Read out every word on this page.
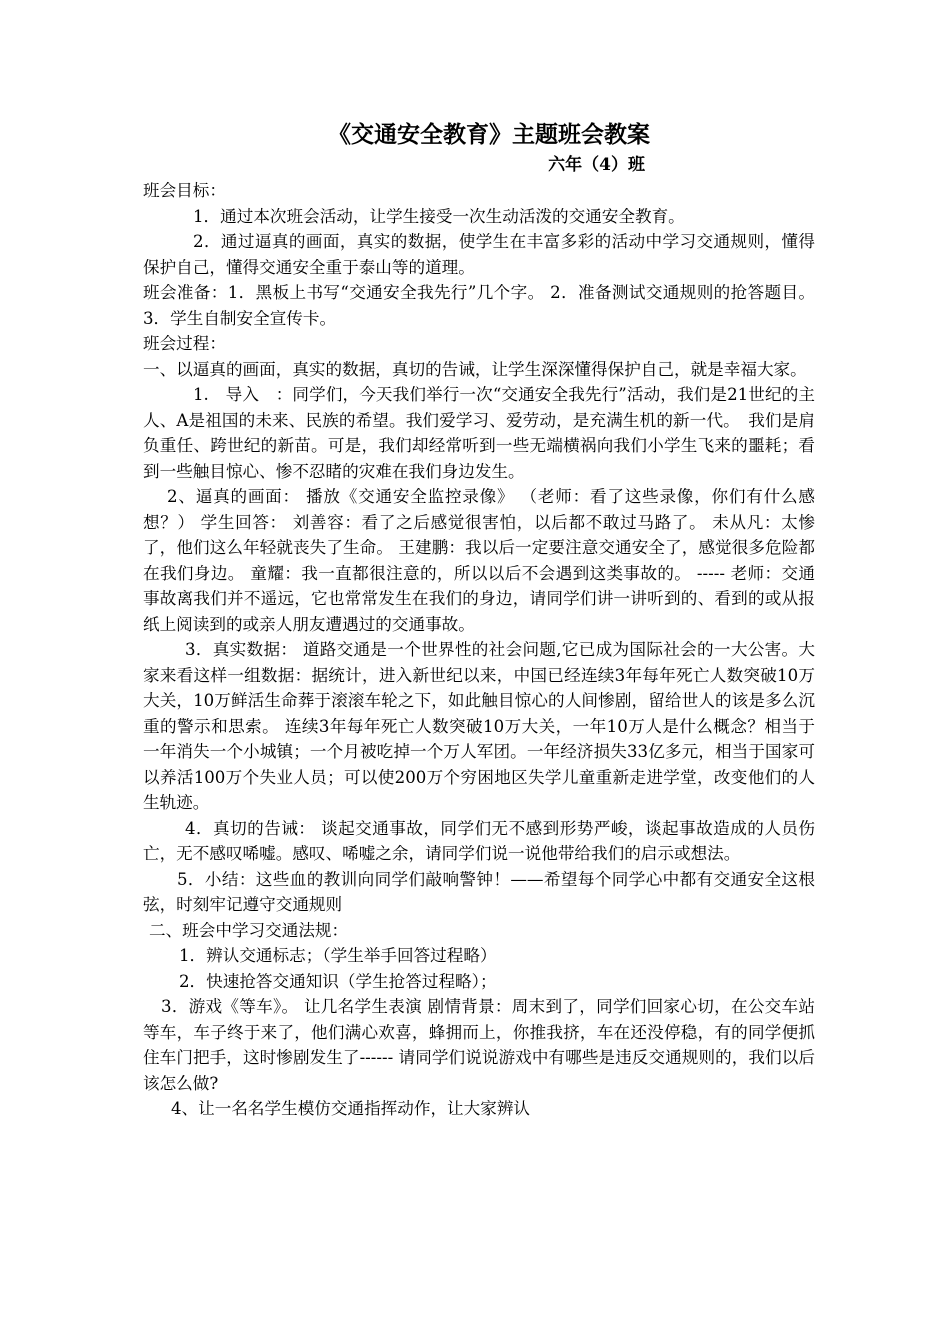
《交通安全教育》主题班会教案

六年（4）班

班会目标：

1．通过本次班会活动，让学生接受一次生动活泼的交通安全教育。

2．通过逼真的画面，真实的数据，使学生在丰富多彩的活动中学习交通规则，懂得保护自己，懂得交通安全重于泰山等的道理。

班会准备：1．黑板上书写“交通安全我先行”几个字。 2．准备测试交通规则的抢答题目。3．学生自制安全宣传卡。

班会过程：

一、以逼真的画面，真实的数据，真切的告诫，让学生深深懂得保护自己，就是幸福大家。

1.　导入　：同学们，今天我们举行一次“交通安全我先行”活动，我们是21世纪的主人、A是祖国的未来、民族的希望。我们爱学习、爱劳动，是充满生机的新一代。　我们是肩负重任、跨世纪的新苗。可是，我们却经常听到一些无端横祸向我们小学生飞来的噩耗；看到一些触目惊心、惨不忍睹的灾难在我们身边发生。

2、逼真的画面： 播放《交通安全监控录像》 （老师：看了这些录像，你们有什么感想？） 学生回答： 刘善容：看了之后感觉很害怕，以后都不敢过马路了。 未从凡：太惨了，他们这么年轻就丧失了生命。 王建鹏：我以后一定要注意交通安全了，感觉很多危险都在我们身边。 童耀：我一直都很注意的，所以以后不会遇到这类事故的。 ----- 老师：交通事故离我们并不遥远，它也常常发生在我们的身边，请同学们讲一讲听到的、看到的或从报纸上阅读到的或亲人朋友遭遇过的交通事故。

3．真实数据： 道路交通是一个世界性的社会问题,它已成为国际社会的一大公害。大家来看这样一组数据：据统计，进入新世纪以来，中国已经连续3年每年死亡人数突破10万大关，10万鲜活生命葬于滚滚车轮之下，如此触目惊心的人间惨剧，留给世人的该是多么沉重的警示和思索。 连续3年每年死亡人数突破10万大关，一年10万人是什么概念？相当于一年消失一个小城镇；一个月被吃掉一个万人军团。一年经济损失33亿多元，相当于国家可以养活100万个失业人员；可以使200万个穷困地区失学儿童重新走进学堂，改变他们的人生轨迹。

4．真切的告诫： 谈起交通事故，同学们无不感到形势严峻，谈起事故造成的人员伤亡，无不感叹唏嘘。感叹、唏嘘之余，请同学们说一说他带给我们的启示或想法。

5．小结：这些血的教训向同学们敲响警钟！——希望每个同学心中都有交通安全这根弦，时刻牢记遵守交通规则

二、班会中学习交通法规：

1．辨认交通标志；（学生举手回答过程略）

2．快速抢答交通知识（学生抢答过程略）；

3．游戏《等车》。 让几名学生表演 剧情背景：周末到了，同学们回家心切，在公交车站等车，车子终于来了，他们满心欢喜，蜂拥而上，你推我挤，车在还没停稳，有的同学便抓住车门把手，这时惨剧发生了------ 请同学们说说游戏中有哪些是违反交通规则的，我们以后该怎么做?

4、让一名名学生模仿交通指挥动作，让大家辨认
